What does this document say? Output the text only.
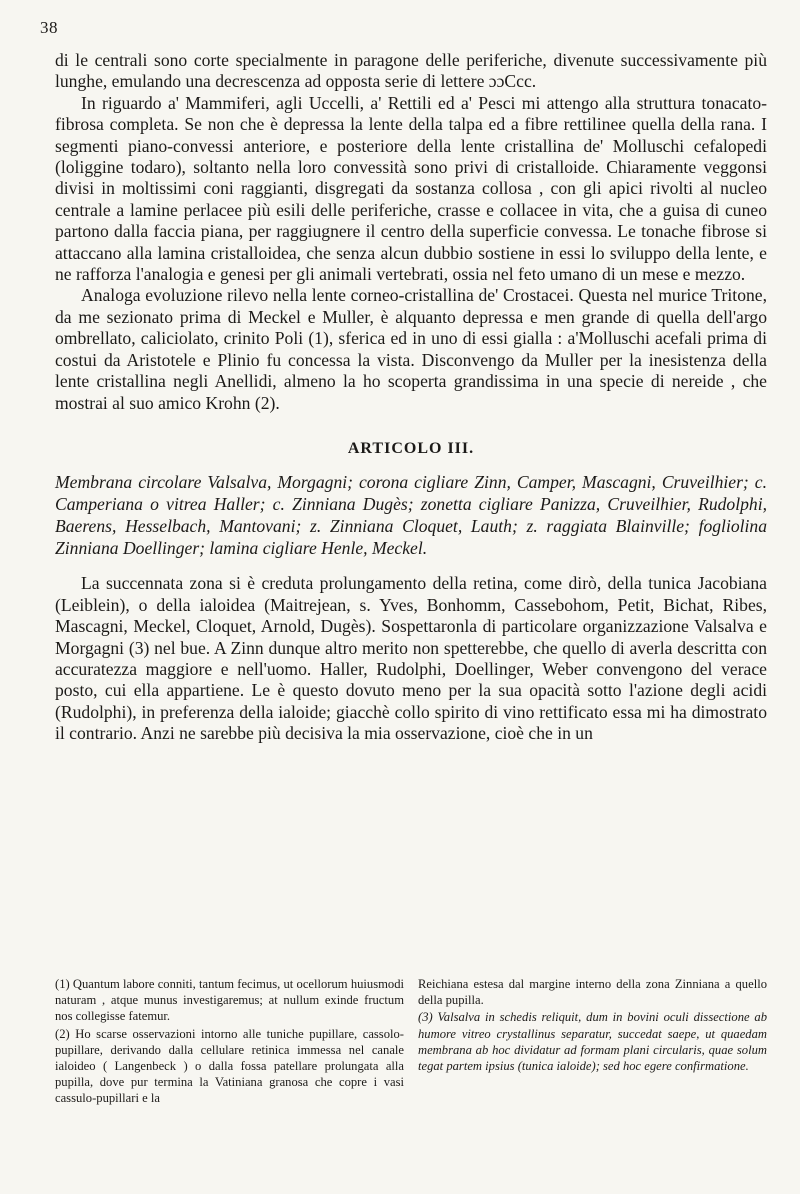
38

di le centrali sono corte specialmente in paragone delle periferiche, divenute successivamente più lunghe, emulando una decrescenza ad opposta serie di lettere ɔɔCcc.

In riguardo a' Mammiferi, agli Uccelli, a' Rettili ed a' Pesci mi attengo alla struttura tonacato-fibrosa completa. Se non che è depressa la lente della talpa ed a fibre rettilinee quella della rana. I segmenti piano-convessi anteriore, e posteriore della lente cristallina de' Molluschi cefalopedi (loliggine todaro), soltanto nella loro convessità sono privi di cristalloide. Chiaramente veggonsi divisi in moltissimi coni raggianti, disgregati da sostanza collosa , con gli apici rivolti al nucleo centrale a lamine perlacee più esili delle periferiche, crasse e collacee in vita, che a guisa di cuneo partono dalla faccia piana, per raggiugnere il centro della superficie convessa. Le tonache fibrose si attaccano alla lamina cristalloidea, che senza alcun dubbio sostiene in essi lo sviluppo della lente, e ne rafforza l'analogia e genesi per gli animali vertebrati, ossia nel feto umano di un mese e mezzo.

Analoga evoluzione rilevo nella lente corneo-cristallina de' Crostacei. Questa nel murice Tritone, da me sezionato prima di Meckel e Muller, è alquanto depressa e men grande di quella dell'argo ombrellato, caliciolato, crinito Poli (1), sferica ed in uno di essi gialla : a'Molluschi acefali prima di costui da Aristotele e Plinio fu concessa la vista. Disconvengo da Muller per la inesistenza della lente cristallina negli Anellidi, almeno la ho scoperta grandissima in una specie di nereide , che mostrai al suo amico Krohn (2).

ARTICOLO III.
Membrana circolare Valsalva, Morgagni; corona cigliare Zinn, Camper, Mascagni, Cruveilhier; c. Camperiana o vitrea Haller; c. Zinniana Dugès; zonetta cigliare Panizza, Cruveilhier, Rudolphi, Baerens, Hesselbach, Mantovani; z. Zinniana Cloquet, Lauth; z. raggiata Blainville; fogliolina Zinniana Doellinger; lamina cigliare Henle, Meckel.

La succennata zona si è creduta prolungamento della retina, come dirò, della tunica Jacobiana (Leiblein), o della ialoidea (Maitrejean, s. Yves, Bonhomm, Cassebohom, Petit, Bichat, Ribes, Mascagni, Meckel, Cloquet, Arnold, Dugès). Sospettaronla di particolare organizzazione Valsalva e Morgagni (3) nel bue. A Zinn dunque altro merito non spetterebbe, che quello di averla descritta con accuratezza maggiore e nell'uomo. Haller, Rudolphi, Doellinger, Weber convengono del verace posto, cui ella appartiene. Le è questo dovuto meno per la sua opacità sotto l'azione degli acidi (Rudolphi), in preferenza della ialoide; giacchè collo spirito di vino rettificato essa mi ha dimostrato il contrario. Anzi ne sarebbe più decisiva la mia osservazione, cioè che in un

(1) Quantum labore conniti, tantum fecimus, ut ocellorum huiusmodi naturam , atque munus investigaremus; at nullum exinde fructum nos collegisse fatemur.

(2) Ho scarse osservazioni intorno alle tuniche pupillare, cassolo-pupillare, derivando dalla cellulare retinica immessa nel canale ialoideo ( Langenbeck ) o dalla fossa patellare prolungata alla pupilla, dove pur termina la Vatiniana granosa che copre i vasi cassulo-pupillari e la

Reichiana estesa dal margine interno della zona Zinniana a quello della pupilla.

(3) Valsalva in schedis reliquit, dum in bovini oculi dissectione ab humore vitreo crystallinus separatur, succedat saepe, ut quaedam membrana ab hoc dividatur ad formam plani circularis, quae solum tegat partem ipsius (tunica ialoide); sed hoc egere confirmatione.
